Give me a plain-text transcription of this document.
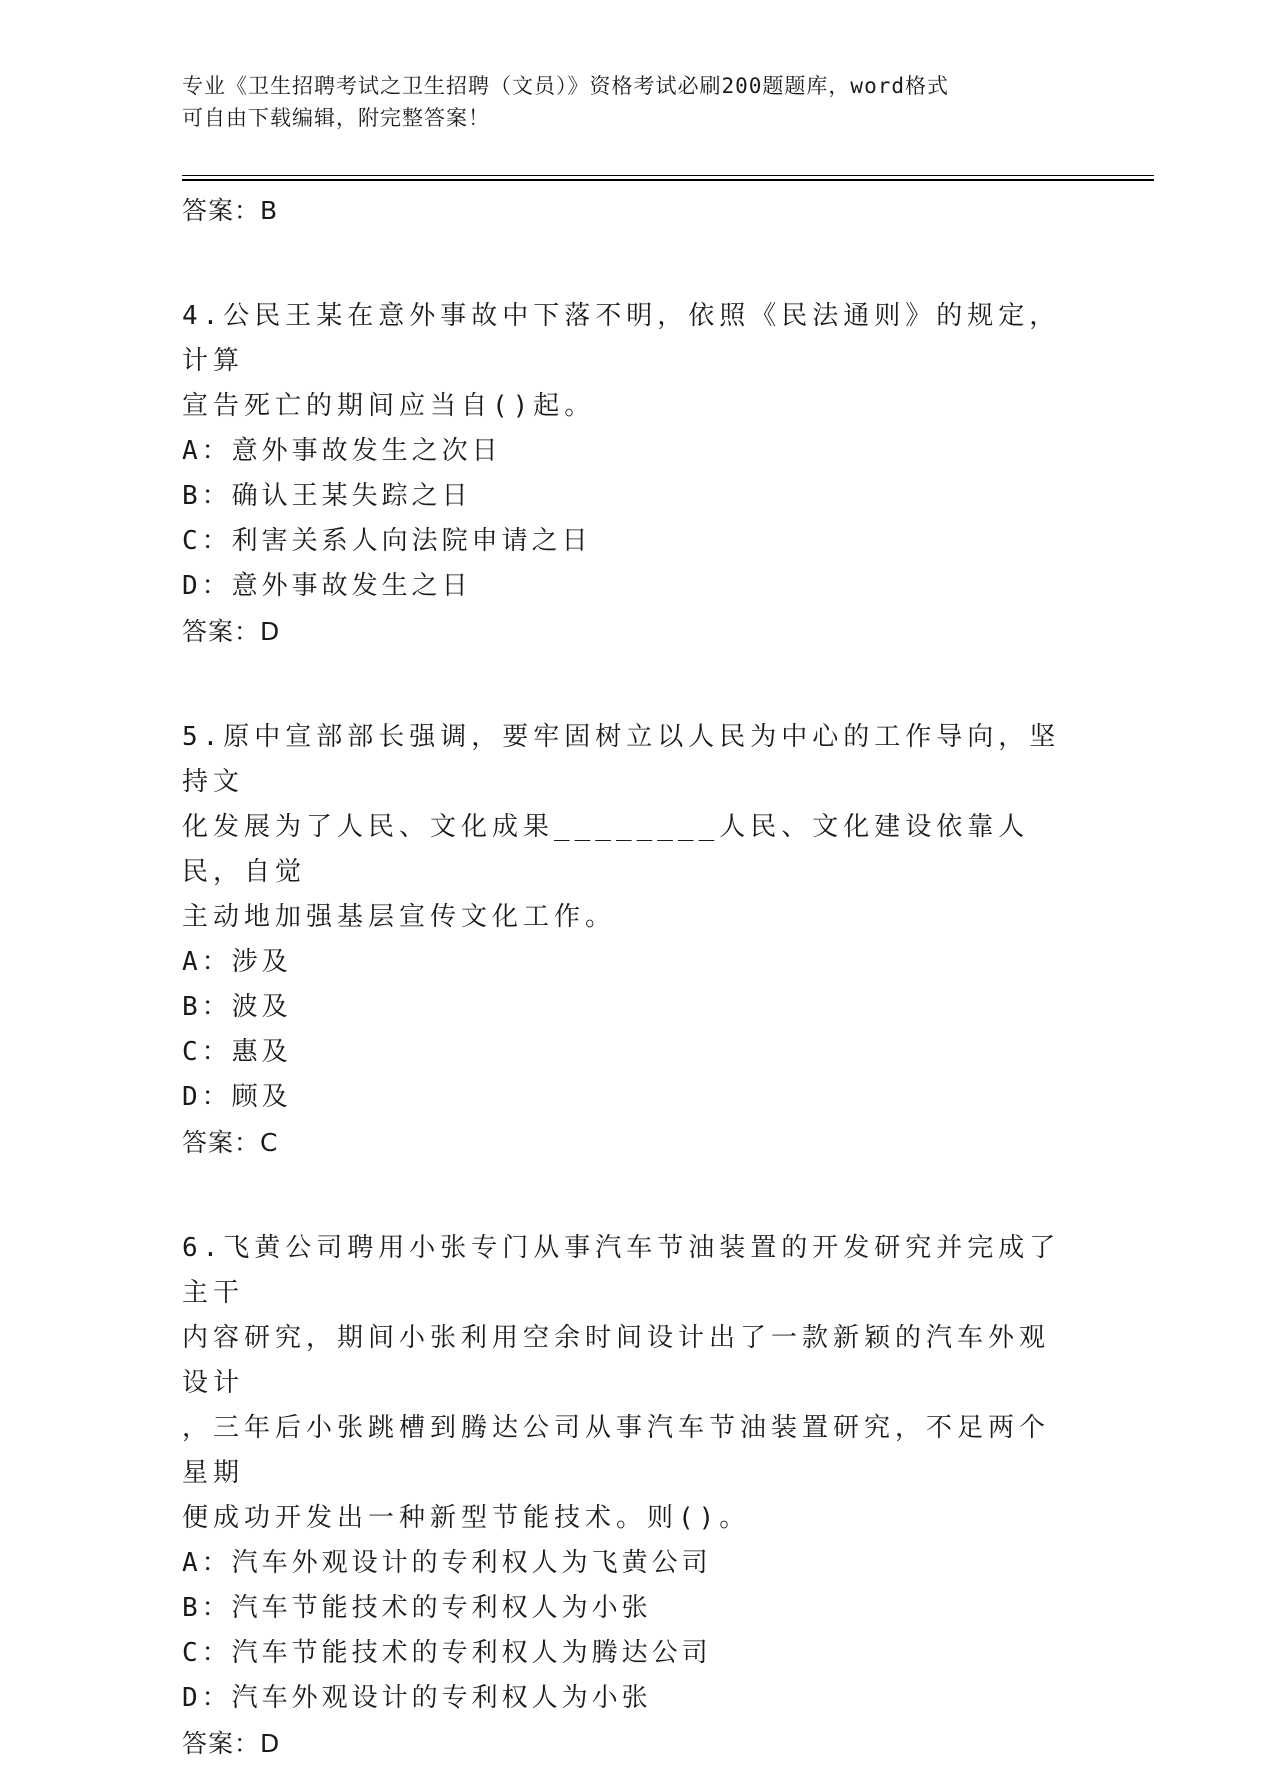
专业《卫生招聘考试之卫生招聘（文员）》资格考试必刷200题题库，word格式
可自由下载编辑，附完整答案！
答案：B

4.公民王某在意外事故中下落不明，依照《民法通则》的规定，计算

宣告死亡的期间应当自()起。

A：意外事故发生之次日

B：确认王某失踪之日

C：利害关系人向法院申请之日

D：意外事故发生之日

答案：D

5.原中宣部部长强调，要牢固树立以人民为中心的工作导向，坚持文

化发展为了人民、文化成果________人民、文化建设依靠人民，自觉

主动地加强基层宣传文化工作。

A：涉及

B：波及

C：惠及

D：顾及

答案：C

6.飞黄公司聘用小张专门从事汽车节油装置的开发研究并完成了主干

内容研究，期间小张利用空余时间设计出了一款新颖的汽车外观设计

，三年后小张跳槽到腾达公司从事汽车节油装置研究，不足两个星期

便成功开发出一种新型节能技术。则()。

A：汽车外观设计的专利权人为飞黄公司

B：汽车节能技术的专利权人为小张

C：汽车节能技术的专利权人为腾达公司

D：汽车外观设计的专利权人为小张

答案：D
